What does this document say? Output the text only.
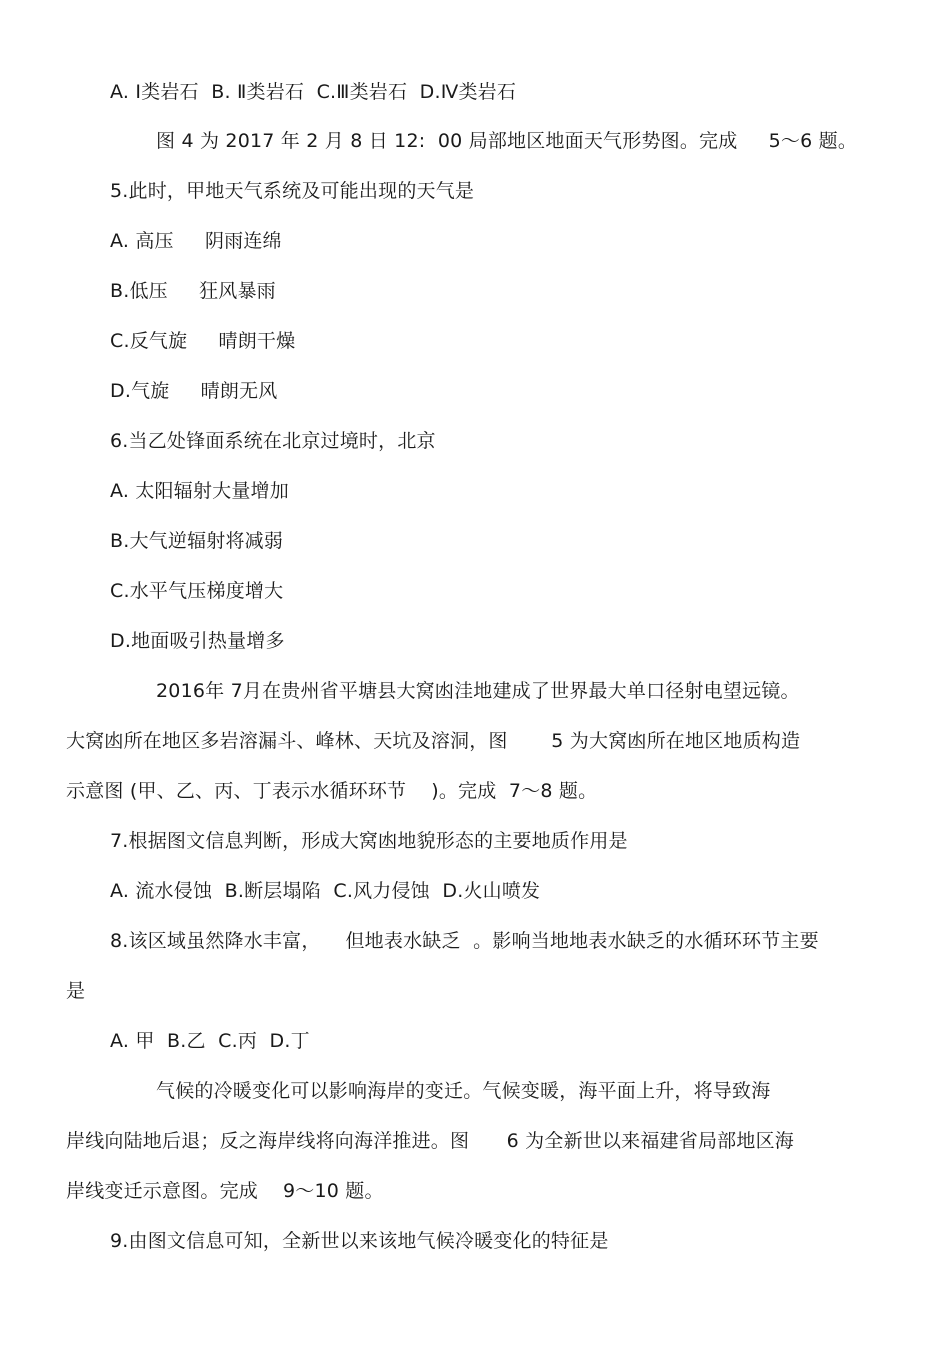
A. Ⅰ类岩石  B. Ⅱ类岩石  C.Ⅲ类岩石  D.Ⅳ类岩石
图 4 为 2017 年 2 月 8 日 12:  00 局部地区地面天气形势图。完成     5～6 题。
5.此时，甲地天气系统及可能出现的天气是
A. 高压     阴雨连绵
B.低压     狂风暴雨
C.反气旋     晴朗干燥
D.气旋     晴朗无风
6.当乙处锋面系统在北京过境时，北京
A. 太阳辐射大量增加
B.大气逆辐射将减弱
C.水平气压梯度增大
D.地面吸引热量增多
2016年 7月在贵州省平塘县大窝凼洼地建成了世界最大单口径射电望远镜。
大窝凼所在地区多岩溶漏斗、峰林、天坑及溶洞，图       5 为大窝凼所在地区地质构造
示意图 (甲、乙、丙、丁表示水循环环节    )。完成  7～8 题。
7.根据图文信息判断，形成大窝凼地貌形态的主要地质作用是
A. 流水侵蚀  B.断层塌陷  C.风力侵蚀  D.火山喷发
8.该区域虽然降水丰富，    但地表水缺乏  。影响当地地表水缺乏的水循环环节主要
是
A. 甲  B.乙  C.丙  D.丁
气候的冷暖变化可以影响海岸的变迁。气候变暖，海平面上升，将导致海
岸线向陆地后退；反之海岸线将向海洋推进。图      6 为全新世以来福建省局部地区海
岸线变迁示意图。完成    9～10 题。
9.由图文信息可知，全新世以来该地气候冷暖变化的特征是
